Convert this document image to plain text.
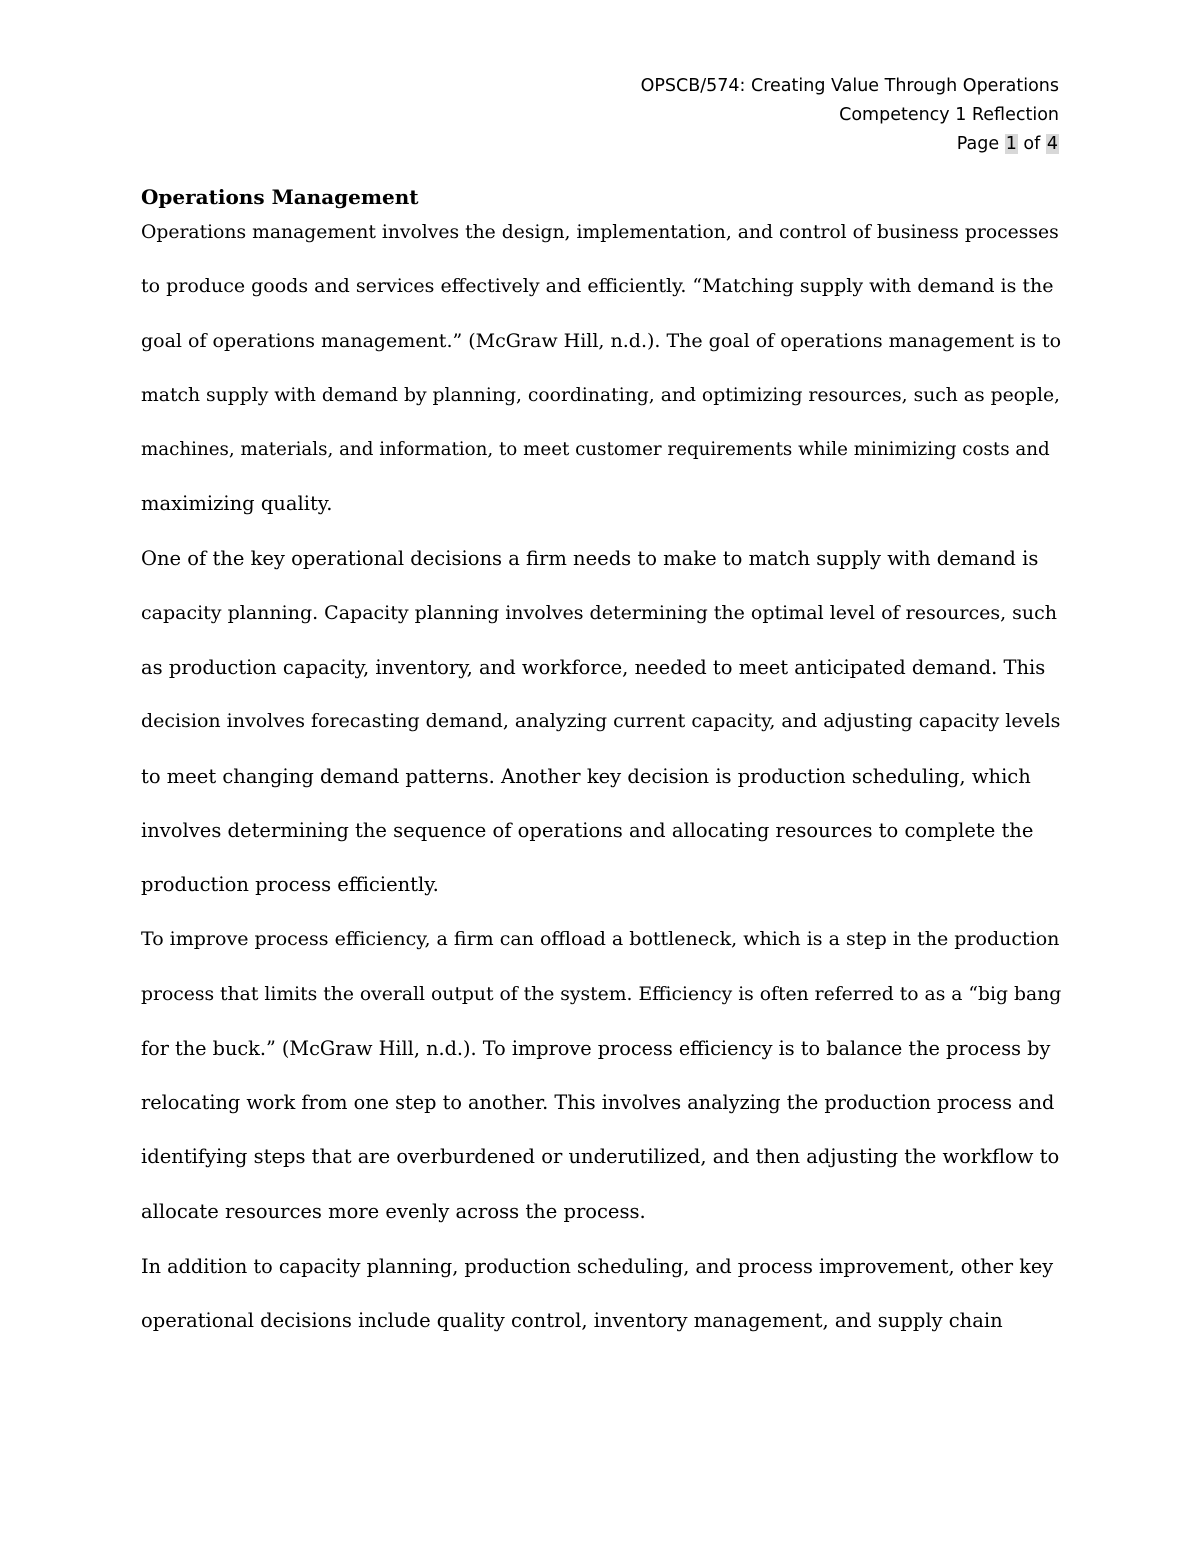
OPSCB/574: Creating Value Through Operations
Competency 1 Reflection
Page 1 of 4
Operations Management
Operations management involves the design, implementation, and control of business processes
to produce goods and services effectively and efficiently. “Matching supply with demand is the
goal of operations management.” (McGraw Hill, n.d.). The goal of operations management is to
match supply with demand by planning, coordinating, and optimizing resources, such as people,
machines, materials, and information, to meet customer requirements while minimizing costs and
maximizing quality.
One of the key operational decisions a firm needs to make to match supply with demand is
capacity planning. Capacity planning involves determining the optimal level of resources, such
as production capacity, inventory, and workforce, needed to meet anticipated demand. This
decision involves forecasting demand, analyzing current capacity, and adjusting capacity levels
to meet changing demand patterns. Another key decision is production scheduling, which
involves determining the sequence of operations and allocating resources to complete the
production process efficiently.
To improve process efficiency, a firm can offload a bottleneck, which is a step in the production
process that limits the overall output of the system. Efficiency is often referred to as a “big bang
for the buck.” (McGraw Hill, n.d.). To improve process efficiency is to balance the process by
relocating work from one step to another. This involves analyzing the production process and
identifying steps that are overburdened or underutilized, and then adjusting the workflow to
allocate resources more evenly across the process.
In addition to capacity planning, production scheduling, and process improvement, other key
operational decisions include quality control, inventory management, and supply chain
